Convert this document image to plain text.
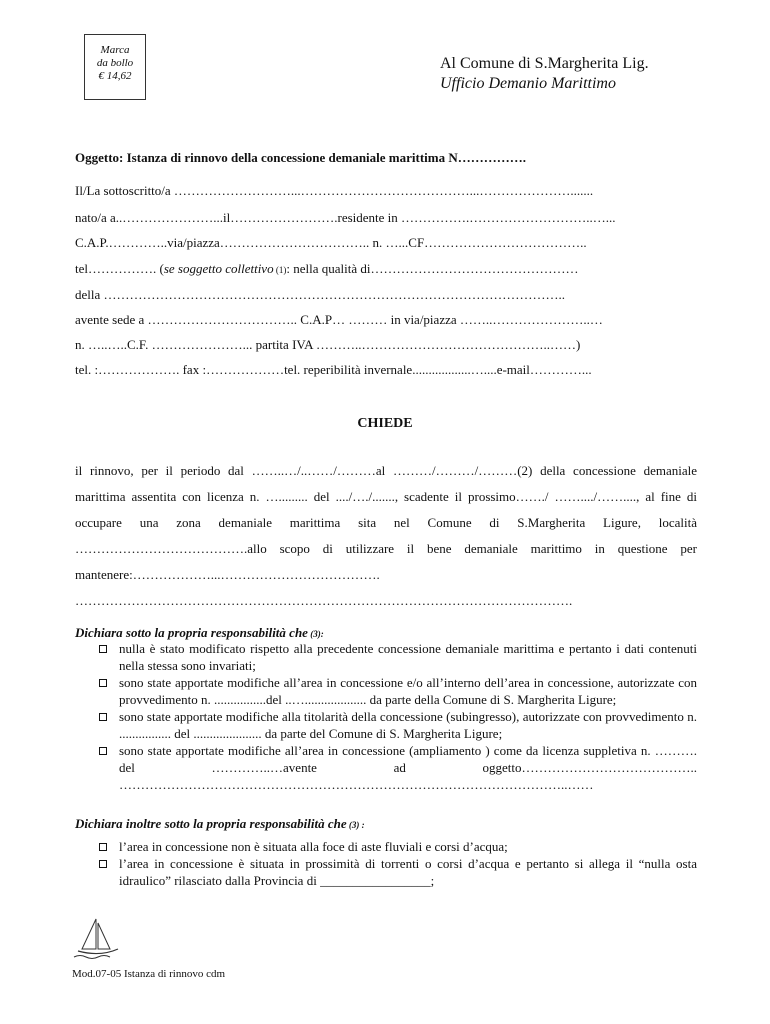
Marca
da bollo
€ 14,62
Al Comune di S.Margherita Lig.
Ufficio Demanio Marittimo
Oggetto: Istanza di rinnovo della concessione demaniale marittima N…………….
Il/La sottoscritto/a ………………………...…………………………………...………………….......
nato/a a..…………………...il…………………….residente in …………….………………………..…...
C.A.P.…………..via/piazza…………………………….. n. …...CF………………………………..
tel……………. (se soggetto collettivo (1): nella qualità di…………………………………………
della ……………………………………………………………………………………………..
avente sede a …………………………….. C.A.P… ……… in via/piazza ……..…………………..…
n. …..…..C.F. …………………... partita IVA ………..……………………………………..……)
tel. :………………. fax :………………tel. reperibilità invernale..................…....e-mail…………...
CHIEDE
il rinnovo, per il periodo dal ……..…/..……/………al ………/………/………(2) della concessione demaniale marittima assentita con licenza n. …......... del ..../…./......., scadente il prossimo……./ ……..../……...., al fine di occupare una zona demaniale marittima sita nel Comune di S.Margherita Ligure, località ………………………………….allo scopo di utilizzare il bene demaniale marittimo in questione per mantenere:………………...………………………………. …………………………………………………………………………………………………….
Dichiara sotto la propria responsabilità che (3):
nulla è stato modificato rispetto alla precedente concessione demaniale marittima e pertanto i dati contenuti nella stessa sono invariati;
sono state apportate modifiche all’area in concessione e/o all’interno dell’area in concessione, autorizzate con provvedimento n. ................del ..…................... da parte della Comune di S. Margherita Ligure;
sono state apportate modifiche alla titolarità della concessione (subingresso), autorizzate con provvedimento n. ................ del ..................... da parte del Comune di S. Margherita Ligure;
sono state apportate modifiche all’area in concessione (ampliamento ) come da licenza suppletiva n. ………. del …………..…avente ad oggetto………………………………….. …………………………………………………………………………………………..……
Dichiara inoltre sotto la propria responsabilità che (3) :
l’area in concessione non è situata alla foce di aste fluviali e corsi d’acqua;
l’area in concessione è situata in prossimità di torrenti o corsi d’acqua e pertanto si allega il “nulla osta idraulico” rilasciato dalla Provincia di _________________;
Mod.07-05 Istanza di rinnovo cdm
